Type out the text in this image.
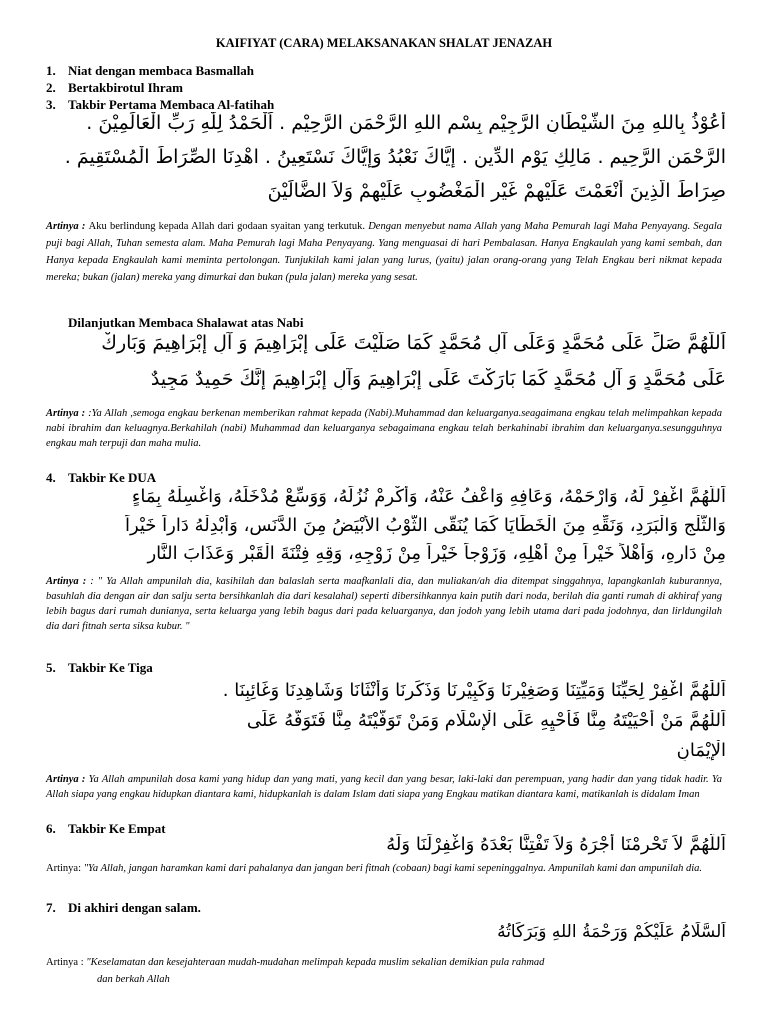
KAIFIYAT (CARA) MELAKSANAKAN SHALAT JENAZAH
1. Niat dengan membaca Basmallah
2. Bertakbirotul Ihram
3. Takbir Pertama Membaca Al-fatihah
أَعُوْذُ بِاللهِ مِنَ الشَّيْطَانِ الرَّجِيْم بِسْمِ اللهِ الرَّحْمَنِ الرَّحِيْمِ . اَلْحَمْدُ لِلّٰهِ رَبِّ الْعَالَمِيْنَ .
الرَّحْمَنِ الرَّحِيمِ . مَالِكِ يَوْمِ الدِّينِ . إِيَّاكَ نَعْبُدُ وَإِيَّاكَ نَسْتَعِينُ . اهْدِنَا الصِّرَاطَ الْمُسْتَقِيمَ .
صِرَاطَ الَّذِينَ أَنْعَمْتَ عَلَيْهِمْ غَيْرِ الْمَغْضُوبِ عَلَيْهِمْ وَلاَ الضَّالِّيْنَ

Artinya : Aku berlindung kepada Allah dari godaan syaitan yang terkutuk. Dengan menyebut nama Allah yang Maha Pemurah lagi Maha Penyayang. Segala puji bagi Allah, Tuhan semesta alam. Maha Pemurah lagi Maha Penyayang. Yang menguasai di hari Pembalasan. Hanya Engkaulah yang kami sembah, dan Hanya kepada Engkaulah kami meminta pertolongan. Tunjukilah kami jalan yang lurus, (yaitu) jalan orang-orang yang Telah Engkau beri nikmat kepada mereka; bukan (jalan) mereka yang dimurkai dan bukan (pula jalan) mereka yang sesat.

Dilanjutkan Membaca Shalawat atas Nabi
اَللَّهُمَّ صَلِّ عَلَى مُحَمَّدٍ وَعَلَى آلِ مُحَمَّدٍ كَمَا صَلَّيْتَ عَلَى إِبْرَاهِيمَ وَ آلِ إِبْرَاهِيمَ وَبَارِكْ
عَلَى مُحَمَّدٍ وَ آلِ مُحَمَّدٍ كَمَا بَارَكْتَ عَلَى إِبْرَاهِيمَ وَآلِ إِبْرَاهِيمَ إِنَّكَ حَمِيدٌ مَجِيدٌ

Artinya : :Ya Allah ,semoga engkau berkenan memberikan rahmat kepada (Nabi).Muhammad dan keluarganya.seagaimana engkau telah melimpahkan kepada nabi ibrahim dan keluagnya.Berkahilah (nabi) Muhammad dan keluarganya sebagaimana engkau telah berkahinabi ibrahim dan keluarganya.sesungguhnya engkau mah terpuji dan maha mulia.

4. Takbir Ke DUA
اَللَّهُمَّ اغْفِرْ لَهُ، وَارْحَمْهُ، وَعَافِهِ وَاعْفُ عَنْهُ، وَأَكْرِمْ نُزُلَهُ، وَوَسِّعْ مُدْخَلَهُ، وَاغْسِلْهُ بِمَاءٍ
وَالثَّلْجِ وَالْبَرَدِ، وَنَقِّهِ مِنَ الْخَطَايَا كَمَا يُنَقَّى الثَّوْبُ الأَبْيَضُ مِنَ الدَّنَسِ، وَأَبْدِلْهُ دَاراً خَيْراً
مِنْ دَارِهِ، وَأَهْلاً خَيْراً مِنْ أَهْلِهِ، وَزَوْجاً خَيْراً مِنْ زَوْجِهِ، وَقِهِ فِتْنَةَ الْقَبْرِ وَعَذَابَ النَّارِ

Artinya : : " Ya Allah ampunilah dia, kasihilah dan balaslah serta maafkanlali dia, dan muliakan/ah dia ditempat singgahnya, lapangkanlah kuburannya, basuhlah dia dengan air dan salju serta bersihkanlah dia dari kesalahal) seperti dibersihkannya kain putih dari noda, berilah dia ganti rumah di akhiraf yang lebih bagus dari rumah dunianya, serta keluarga yang lebih bagus dari pada keluarganya, dan jodoh yang lebih utama dari pada jodohnya, dan lirldungilah dia dari fitnah serta siksa kubur. "

5. Takbir Ke Tiga
اَللّٰهُمَّ اغْفِرْ لِحَيِّنَا وَمَيِّتِنَا وَصَغِيْرِنَا وَكَبِيْرِنَا وَذَكَرِنَا وَأُنْثَانَا وَشَاهِدِنَا وَغَائِبِنَا .
اَللّٰهُمَّ مَنْ أَحْيَيْتَهُ مِنَّا فَأَحْيِهِ عَلَى الْإِسْلَامِ وَمَنْ تَوَفَّيْتَهُ مِنَّا فَتَوَفَّهُ عَلَى
الْإِيْمَانِ

Artinya : Ya Allah ampunilah dosa kami yang hidup dan yang mati, yang kecil dan yang besar, laki-laki dan perempuan, yang hadir dan yang tidak hadir. Ya Allah siapa yang engkau hidupkan diantara kami, hidupkanlah is dalam Islam dati siapa yang Engkau matikan diantara kami, matikanlah is didalam Iman

6. Takbir Ke Empat
اَللَّهُمَّ لاَ تَحْرِمْنَا أَجْرَهُ وَلاَ تَفْتِنَّا بَعْدَهُ وَاغْفِرْلَنَا وَلَهُ

Artinya: "Ya Allah, jangan haramkan kami dari pahalanya dan jangan beri fitnah (cobaan) bagi kami sepeninggalnya. Ampunilah kami dan ampunilah dia.

7. Di akhiri dengan salam.
اَلسَّلَامُ عَلَيْكُمْ وَرَحْمَةُ اللهِ وَبَرَكَاتُهُ

Artinya : "Keselamatan dan kesejahteraan mudah-mudahan melimpah kepada muslim sekalian demikian pula rahmad
dan berkah Allah
